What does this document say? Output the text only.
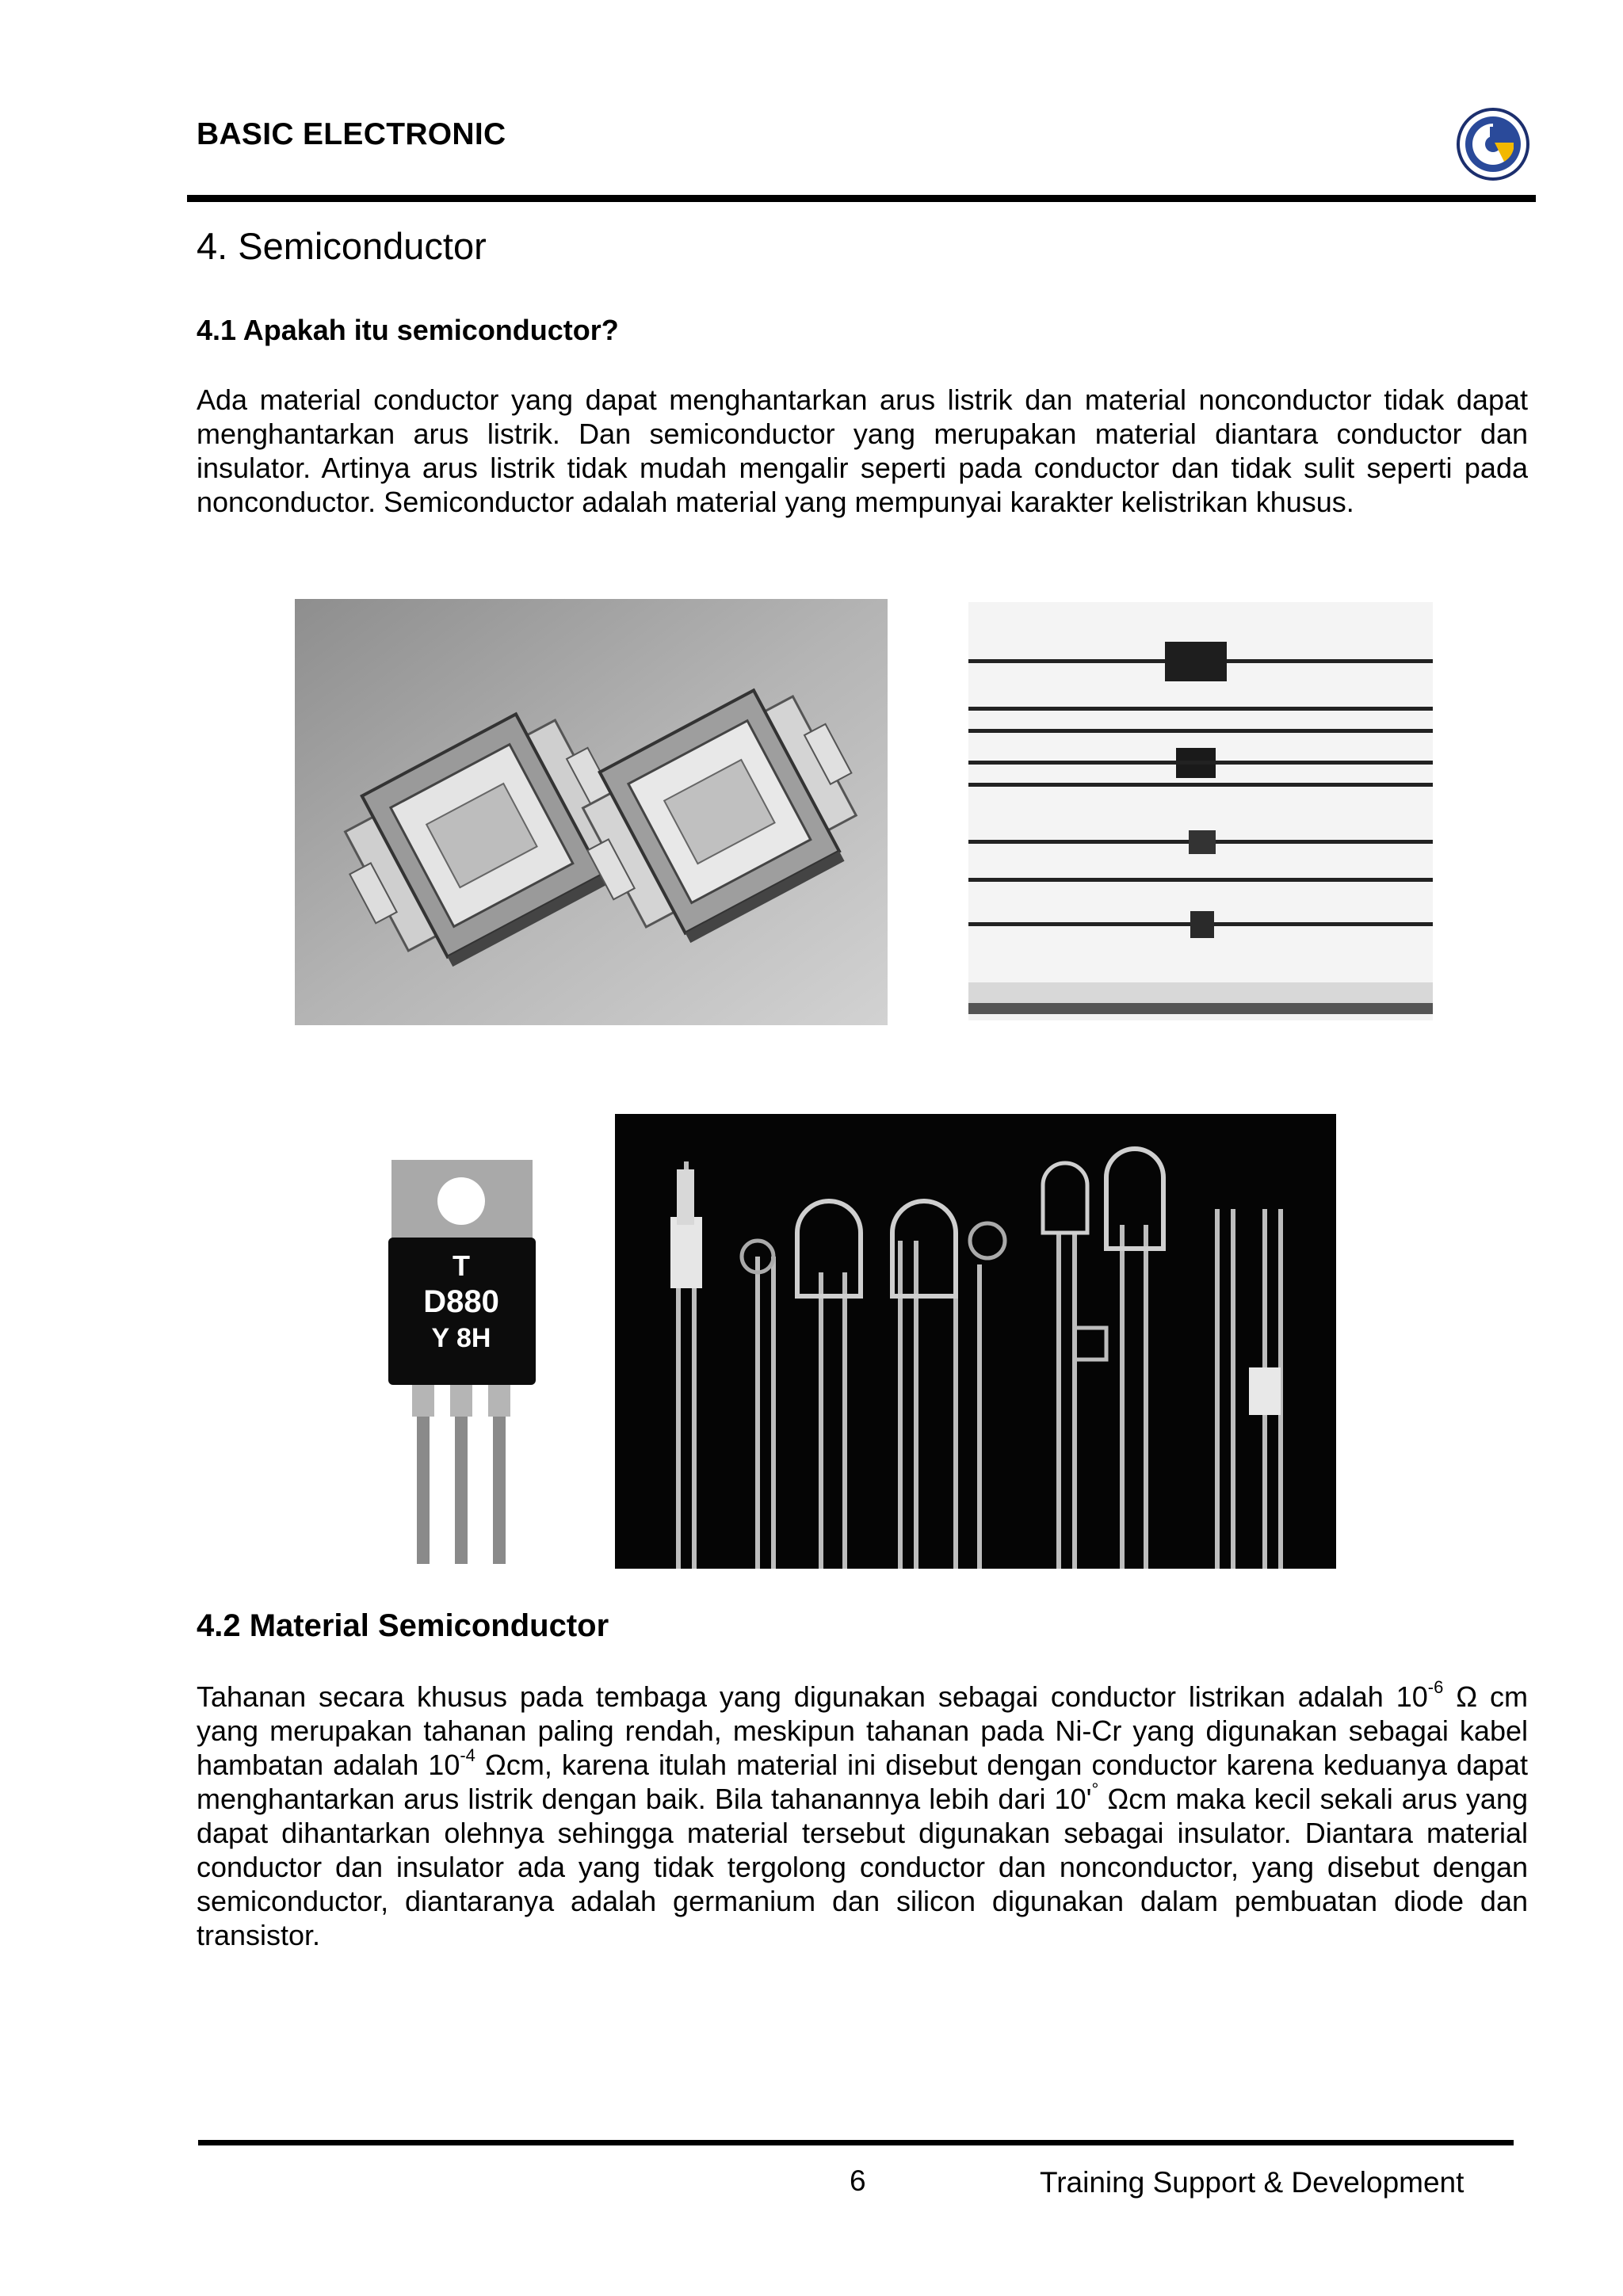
BASIC ELECTRONIC
4. Semiconductor
4.1 Apakah itu semiconductor?

Ada material conductor yang dapat menghantarkan arus listrik dan material nonconductor tidak dapat menghantarkan arus listrik. Dan semiconductor yang merupakan material diantara conductor dan insulator. Artinya arus listrik tidak mudah mengalir seperti pada conductor dan tidak sulit seperti pada nonconductor. Semiconductor adalah material yang mempunyai karakter kelistrikan khusus.

T
D880
Y 8H
4.2 Material Semiconductor

Tahanan secara khusus pada tembaga yang digunakan sebagai conductor listrikan adalah $10^{-6}$ Ω cm yang merupakan tahanan paling rendah, meskipun tahanan pada Ni-Cr yang digunakan sebagai kabel hambatan adalah $10^{-4}$ Ωcm, karena itulah material ini disebut dengan conductor karena keduanya dapat menghantarkan arus listrik dengan baik. Bila tahanannya lebih dari 10'° Ωcm maka kecil sekali arus yang dapat dihantarkan olehnya sehingga material tersebut digunakan sebagai insulator. Diantara material conductor dan insulator ada yang tidak tergolong conductor dan nonconductor, yang disebut dengan semiconductor, diantaranya adalah germanium dan silicon digunakan dalam pembuatan diode dan transistor.

6	Training Support & Development
